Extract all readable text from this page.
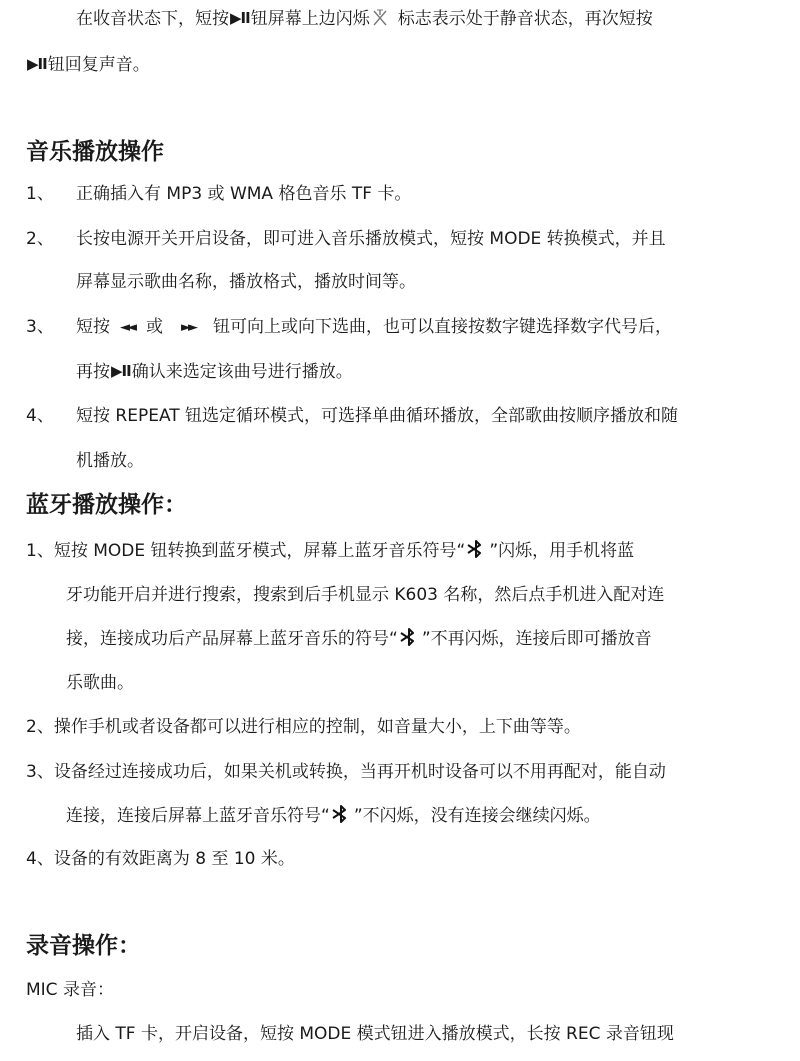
在收音状态下，短按▶II钮屏幕上边闪烁 标志表示处于静音状态，再次短按
▶II钮回复声音。
音乐播放操作
1、 正确插入有 MP3 或 WMA 格色音乐 TF 卡。
2、 长按电源开关开启设备，即可进入音乐播放模式，短按 MODE 转换模式，并且
屏幕显示歌曲名称，播放格式，播放时间等。
3、 短按 ◄◄ 或 ►► 钮可向上或向下选曲，也可以直接按数字键选择数字代号后，
再按▶II确认来选定该曲号进行播放。
4、 短按 REPEAT 钮选定循环模式，可选择单曲循环播放，全部歌曲按顺序播放和随
机播放。
蓝牙播放操作：
1、短按 MODE 钮转换到蓝牙模式，屏幕上蓝牙音乐符号“ ”闪烁，用手机将蓝
牙功能开启并进行搜索，搜索到后手机显示 K603 名称，然后点手机进入配对连
接，连接成功后产品屏幕上蓝牙音乐的符号“ ”不再闪烁，连接后即可播放音
乐歌曲。
2、操作手机或者设备都可以进行相应的控制，如音量大小，上下曲等等。
3、设备经过连接成功后，如果关机或转换，当再开机时设备可以不用再配对，能自动
连接，连接后屏幕上蓝牙音乐符号“ ”不闪烁，没有连接会继续闪烁。
4、设备的有效距离为 8 至 10 米。
录音操作：
MIC 录音：
插入 TF 卡，开启设备，短按 MODE 模式钮进入播放模式，长按 REC 录音钮现
